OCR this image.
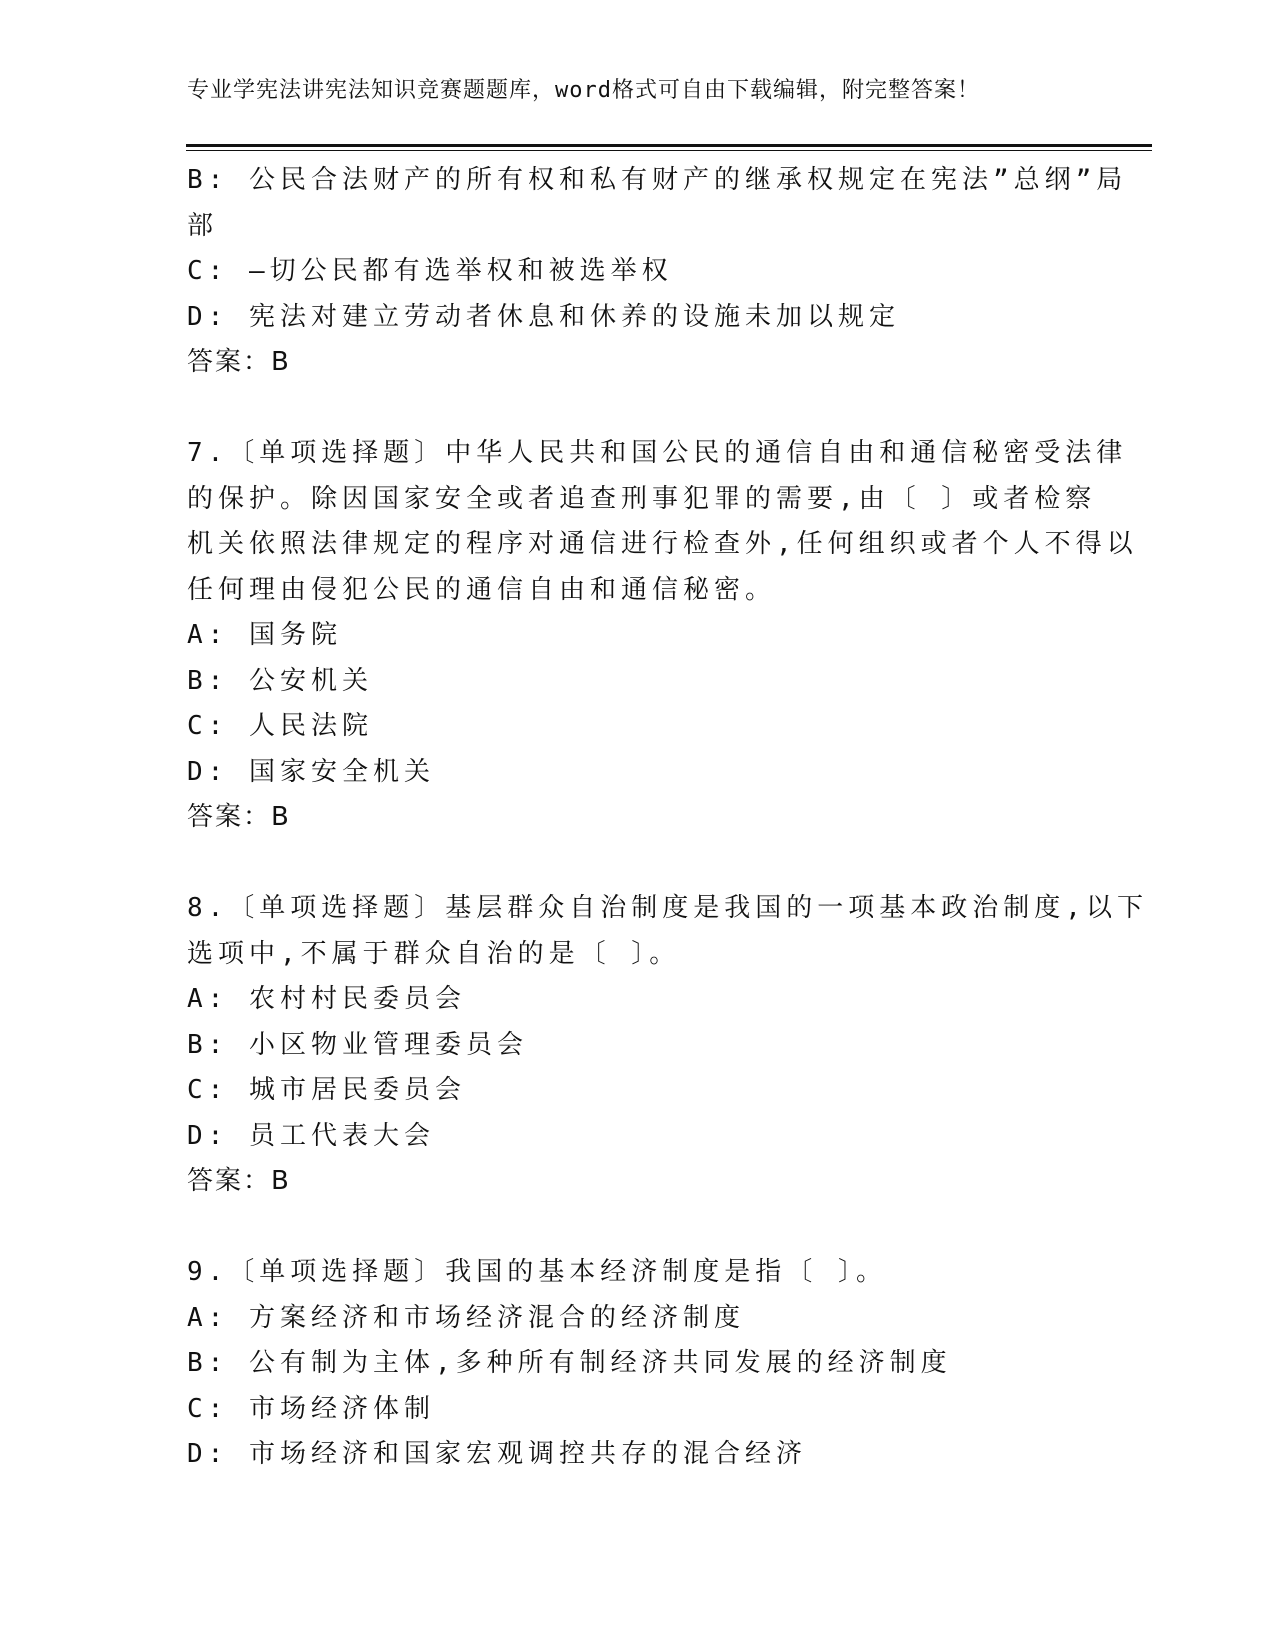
专业学宪法讲宪法知识竞赛题题库，word格式可自由下载编辑，附完整答案！
B: 公民合法财产的所有权和私有财产的继承权规定在宪法”总纲”局
部
C: —切公民都有选举权和被选举权
D: 宪法对建立劳动者休息和休养的设施未加以规定
答案：B
7.〔单项选择题〕中华人民共和国公民的通信自由和通信秘密受法律
的保护。除因国家安全或者追查刑事犯罪的需要,由〔 〕或者检察
机关依照法律规定的程序对通信进行检查外,任何组织或者个人不得以
任何理由侵犯公民的通信自由和通信秘密。
A: 国务院
B: 公安机关
C: 人民法院
D: 国家安全机关
答案：B
8.〔单项选择题〕基层群众自治制度是我国的一项基本政治制度,以下
选项中,不属于群众自治的是〔 〕。
A: 农村村民委员会
B: 小区物业管理委员会
C: 城市居民委员会
D: 员工代表大会
答案：B
9.〔单项选择题〕我国的基本经济制度是指〔 〕。
A: 方案经济和市场经济混合的经济制度
B: 公有制为主体,多种所有制经济共同发展的经济制度
C: 市场经济体制
D: 市场经济和国家宏观调控共存的混合经济
